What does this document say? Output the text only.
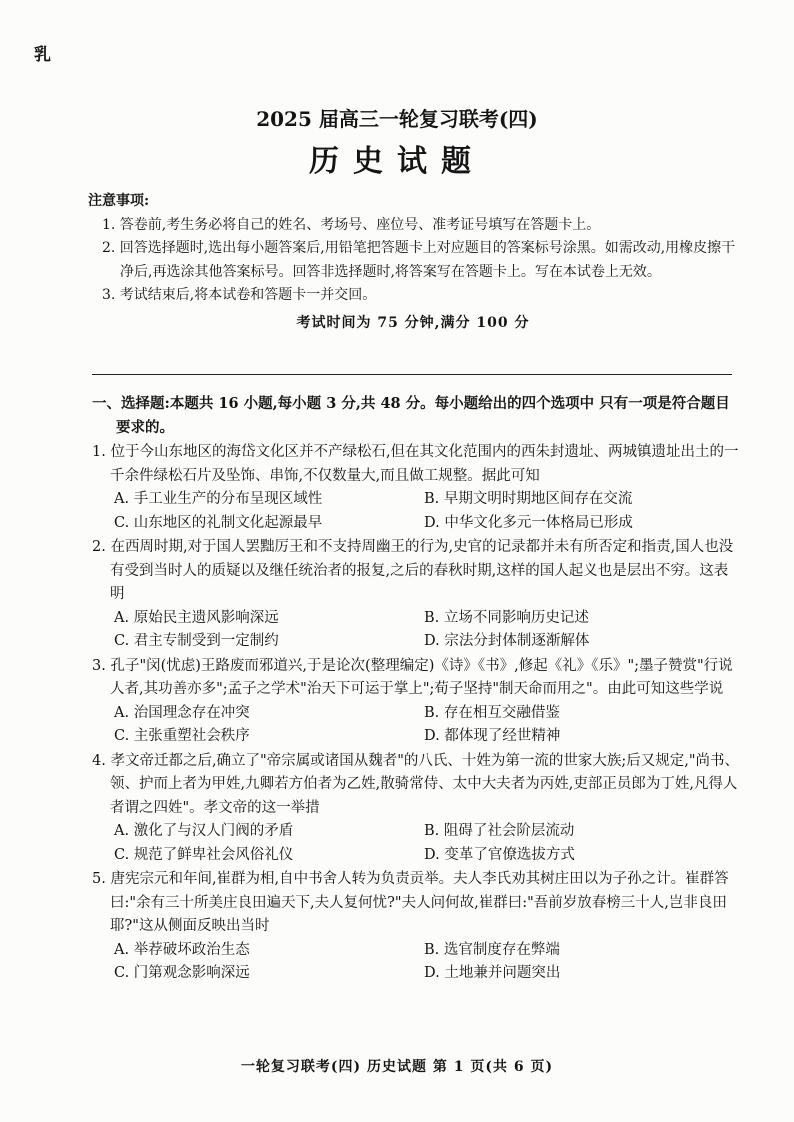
乳
2025 届高三一轮复习联考(四)
历史试题
注意事项:
1. 答卷前,考生务必将自己的姓名、考场号、座位号、准考证号填写在答题卡上。
2. 回答选择题时,选出每小题答案后,用铅笔把答题卡上对应题目的答案标号涂黑。如需改动,用橡皮擦干净后,再选涂其他答案标号。回答非选择题时,将答案写在答题卡上。写在本试卷上无效。
3. 考试结束后,将本试卷和答题卡一并交回。
考试时间为 75 分钟,满分 100 分
一、选择题:本题共 16 小题,每小题 3 分,共 48 分。每小题给出的四个选项中 只有一项是符合题目要求的。
1. 位于今山东地区的海岱文化区并不产绿松石,但在其文化范围内的西朱封遗址、两城镇遗址出土的一千余件绿松石片及坠饰、串饰,不仅数量大,而且做工规整。据此可知
A. 手工业生产的分布呈现区域性	B. 早期文明时期地区间存在交流
C. 山东地区的礼制文化起源最早	D. 中华文化多元一体格局已形成
2. 在西周时期,对于国人罢黜厉王和不支持周幽王的行为,史官的记录都并未有所否定和指责,国人也没有受到当时人的质疑以及继任统治者的报复,之后的春秋时期,这样的国人起义也是层出不穷。这表明
A. 原始民主遗风影响深远	B. 立场不同影响历史记述
C. 君主专制受到一定制约	D. 宗法分封体制逐渐解体
3. 孔子"闵(忧虑)王路废而邪道兴,于是论次(整理编定)《诗》《书》,修起《礼》《乐》";墨子赞赏"行说人者,其功善亦多";孟子之学术"治天下可运于掌上";荀子坚持"制天命而用之"。由此可知这些学说
A. 治国理念存在冲突	B. 存在相互交融借鉴
C. 主张重塑社会秩序	D. 都体现了经世精神
4. 孝文帝迁都之后,确立了"帝宗属或诸国从魏者"的八氏、十姓为第一流的世家大族;后又规定,"尚书、领、护而上者为甲姓,九卿若方伯者为乙姓,散骑常侍、太中大夫者为丙姓,吏部正员郎为丁姓,凡得人者谓之四姓"。孝文帝的这一举措
A. 激化了与汉人门阀的矛盾	B. 阻碍了社会阶层流动
C. 规范了鲜卑社会风俗礼仪	D. 变革了官僚选拔方式
5. 唐宪宗元和年间,崔群为相,自中书舍人转为负责贡举。夫人李氏劝其树庄田以为子孙之计。崔群答曰:"余有三十所美庄良田遍天下,夫人复何忧?"夫人问何故,崔群曰:"吾前岁放春榜三十人,岂非良田耶?"这从侧面反映出当时
A. 举荐破坏政治生态	B. 选官制度存在弊端
C. 门第观念影响深远	D. 土地兼并问题突出
一轮复习联考(四) 历史试题 第 1 页(共 6 页)
